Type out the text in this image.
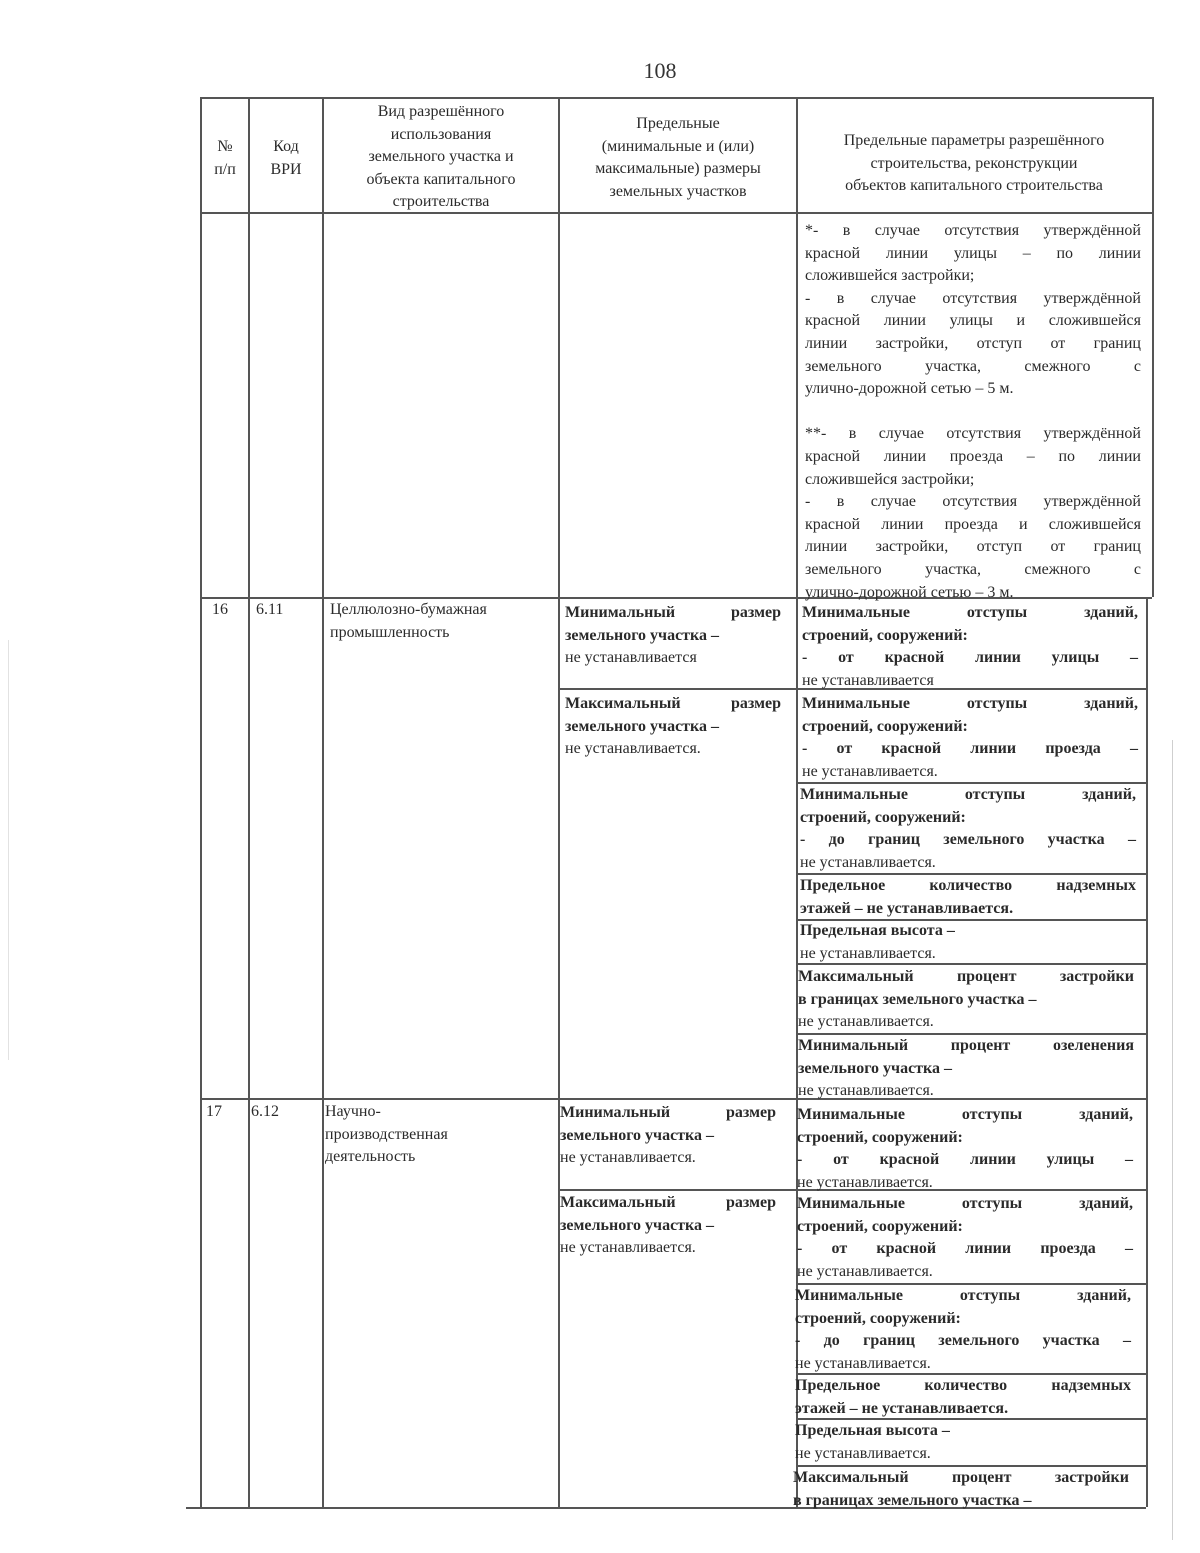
108
№
п/п
Код
ВРИ
Вид разрешённого
использования
земельного участка и
объекта капитального
строительства
Предельные
(минимальные и (или)
максимальные) размеры
земельных участков
Предельные параметры разрешённого
строительства, реконструкции
объектов капитального строительства
*- в случае отсутствия утверждённой
красной линии улицы – по линии
сложившейся застройки;
- в случае отсутствия утверждённой
красной линии улицы и сложившейся
линии застройки, отступ от границ
земельного участка, смежного с
улично-дорожной сетью – 5 м.
**- в случае отсутствия утверждённой
красной линии проезда – по линии
сложившейся застройки;
- в случае отсутствия утверждённой
красной линии проезда и сложившейся
линии застройки, отступ от границ
земельного участка, смежного с
улично-дорожной сетью – 3 м.
16 6.11	Целлюлозно-бумажная
промышленность
Минимальный размер
земельного участка –
не устанавливается
Максимальный размер
земельного участка –
не устанавливается.
Минимальные отступы зданий,
строений, сооружений:
- от красной линии улицы –
не устанавливается
Минимальные отступы зданий,
строений, сооружений:
- от красной линии проезда –
не устанавливается.
Минимальные отступы зданий,
строений, сооружений:
- до границ земельного участка –
не устанавливается.
Предельное количество надземных
этажей – не устанавливается.
Предельная высота –
не устанавливается.
Максимальный процент застройки
в границах земельного участка –
не устанавливается.
Минимальный процент озеленения
земельного участка –
не устанавливается.
17 6.12	Научно-
производственная
деятельность
Минимальный размер
земельного участка –
не устанавливается.
Максимальный размер
земельного участка –
не устанавливается.
Минимальные отступы зданий,
строений, сооружений:
- от красной линии улицы –
не устанавливается.
Минимальные отступы зданий,
строений, сооружений:
- от красной линии проезда –
не устанавливается.
Минимальные отступы зданий,
строений, сооружений:
- до границ земельного участка –
не устанавливается.
Предельное количество надземных
этажей – не устанавливается.
Предельная высота –
не устанавливается.
Максимальный процент застройки
в границах земельного участка –
